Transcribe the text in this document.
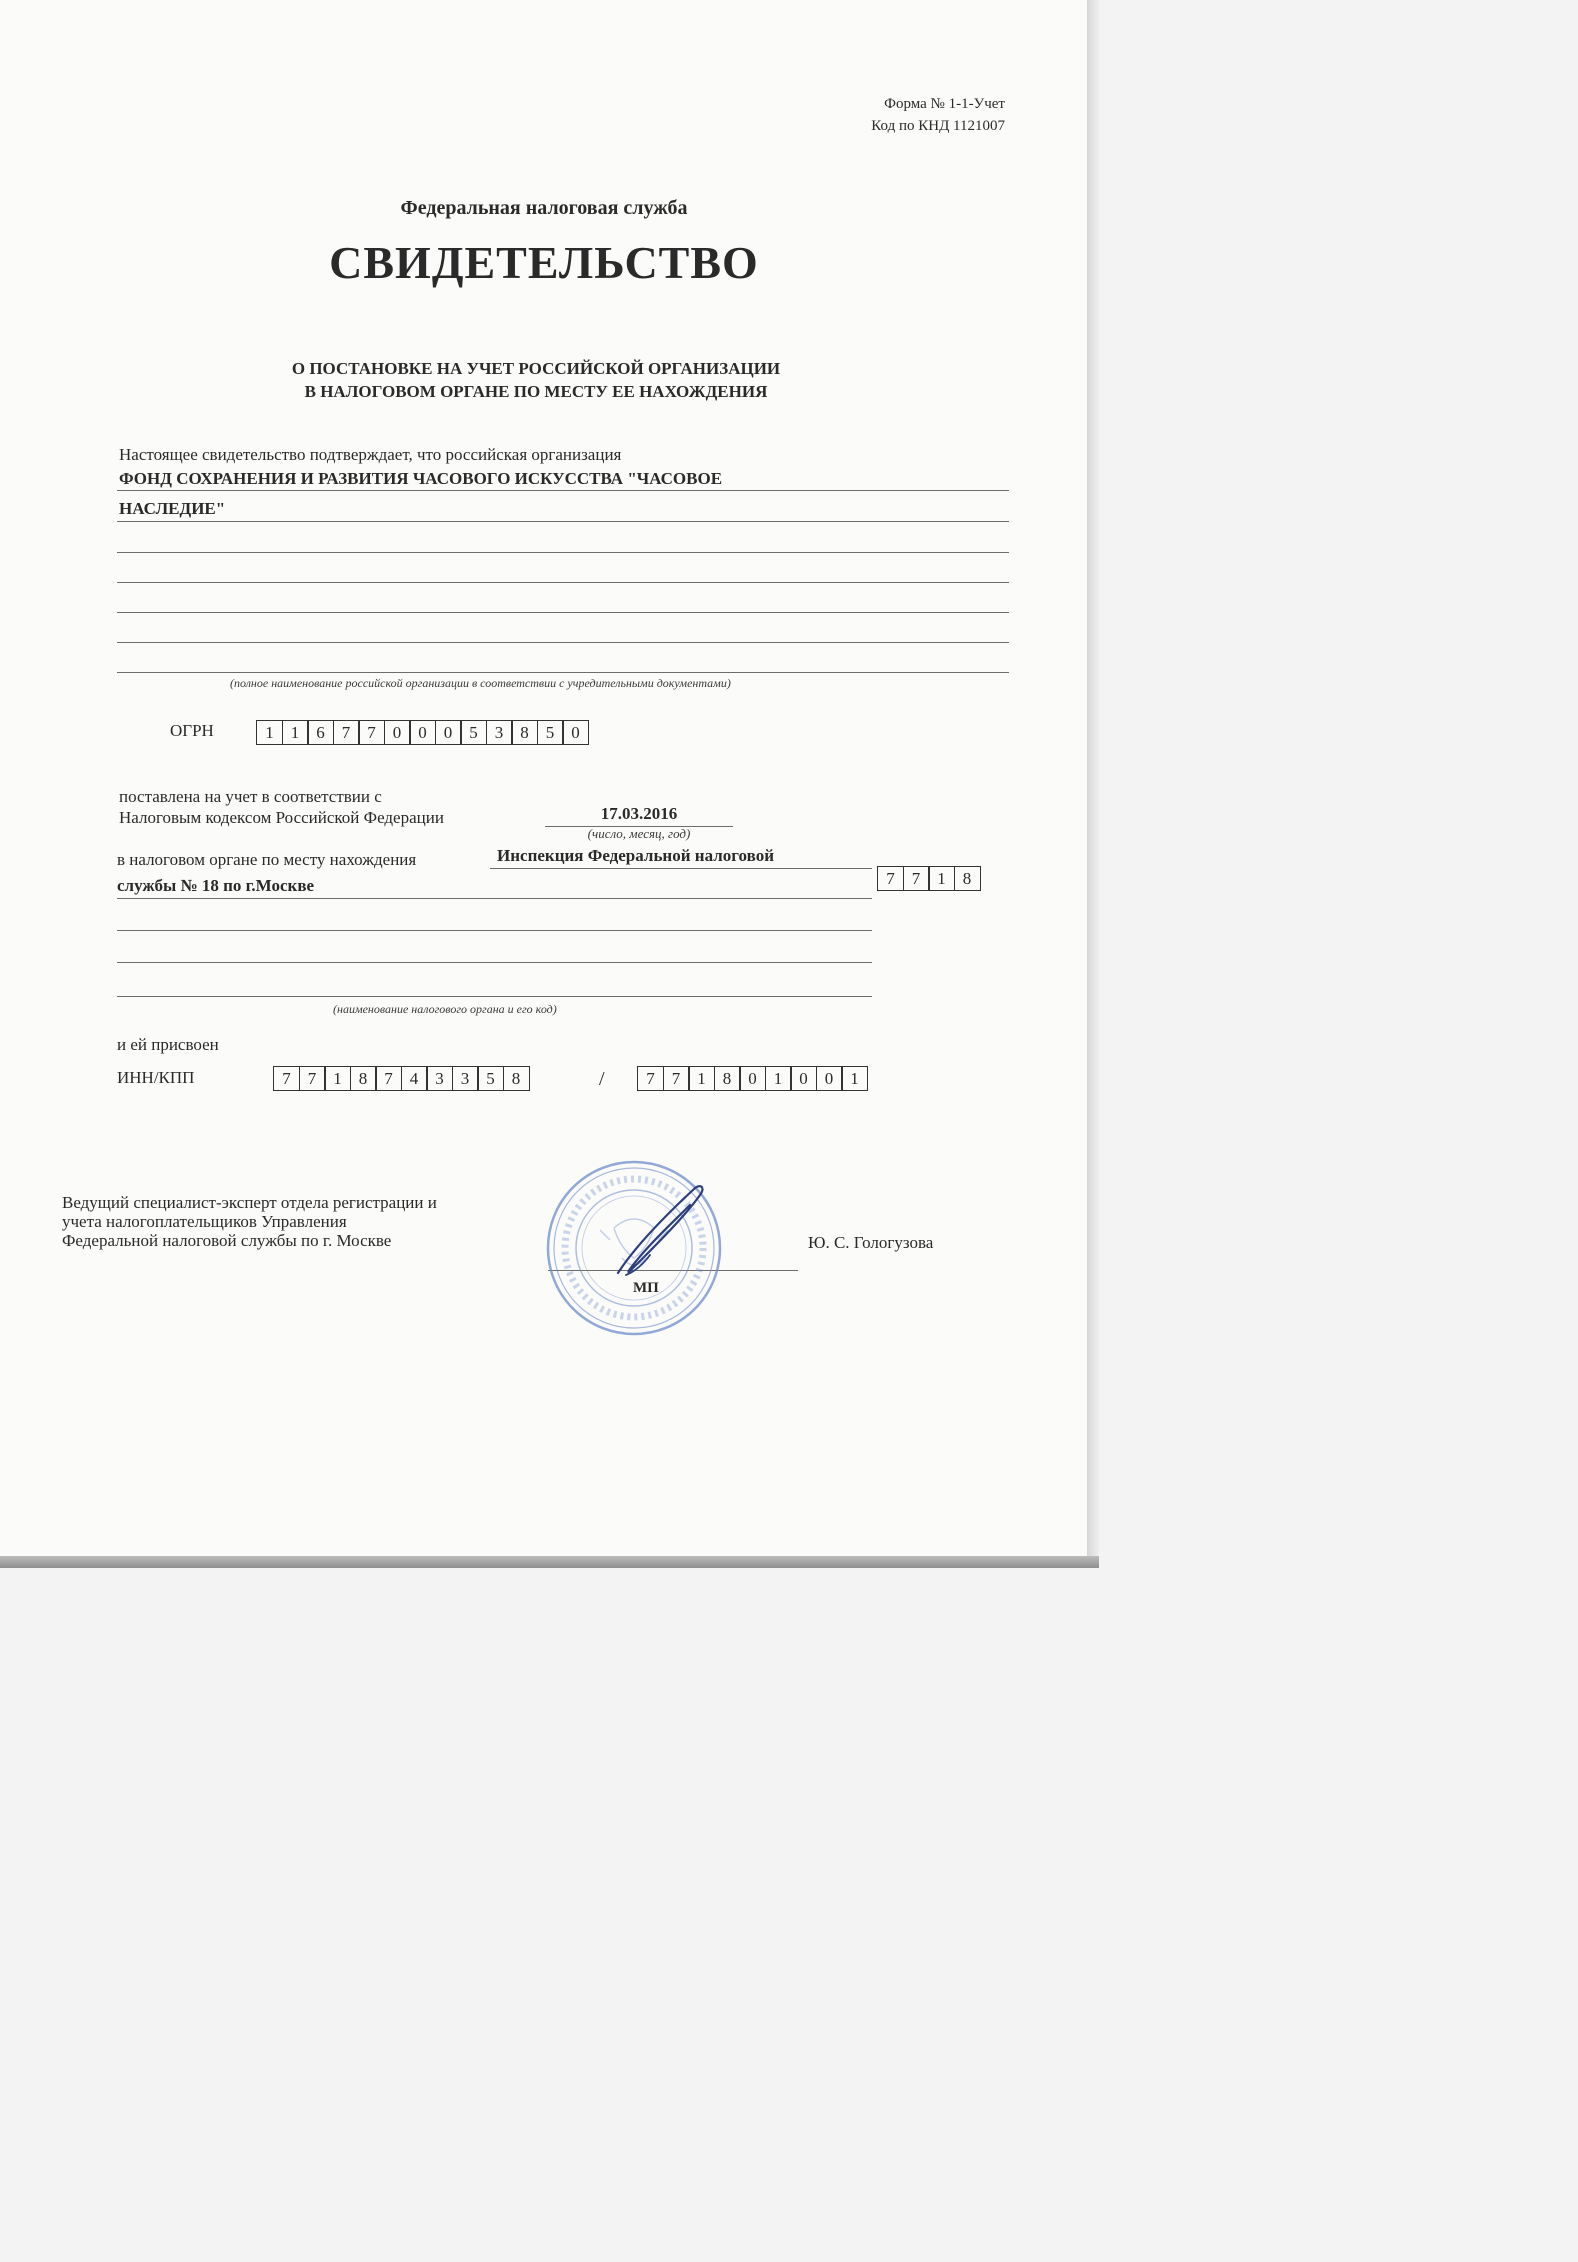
Форма № 1-1-Учет
Код по КНД 1121007
Федеральная налоговая служба
СВИДЕТЕЛЬСТВО
О ПОСТАНОВКЕ НА УЧЕТ РОССИЙСКОЙ ОРГАНИЗАЦИИ
В НАЛОГОВОМ ОРГАНЕ ПО МЕСТУ ЕЕ НАХОЖДЕНИЯ
Настоящее свидетельство подтверждает, что российская организация
ФОНД СОХРАНЕНИЯ И РАЗВИТИЯ ЧАСОВОГО ИСКУССТВА "ЧАСОВОЕ
НАСЛЕДИЕ"
(полное наименование российской организации в соответствии с учредительными документами)
ОГРН	1	1	6	7	7	0	0	0	5	3	8	5	0
поставлена на учет в соответствии с
Налоговым кодексом Российской Федерации	17.03.2016
(число, месяц, год)
в налоговом органе по месту нахождения	Инспекция Федеральной налоговой
службы № 18 по г.Москве	7	7	1	8
(наименование налогового органа и его код)
и ей присвоен
ИНН/КПП	7	7	1	8	7	4	3	3	5	8	/	7	7	1	8	0	1	0	0	1
Ведущий специалист-эксперт отдела регистрации и
учета налогоплательщиков Управления
Федеральной налоговой службы по г. Москве	Ю. С. Гологузова
МП
